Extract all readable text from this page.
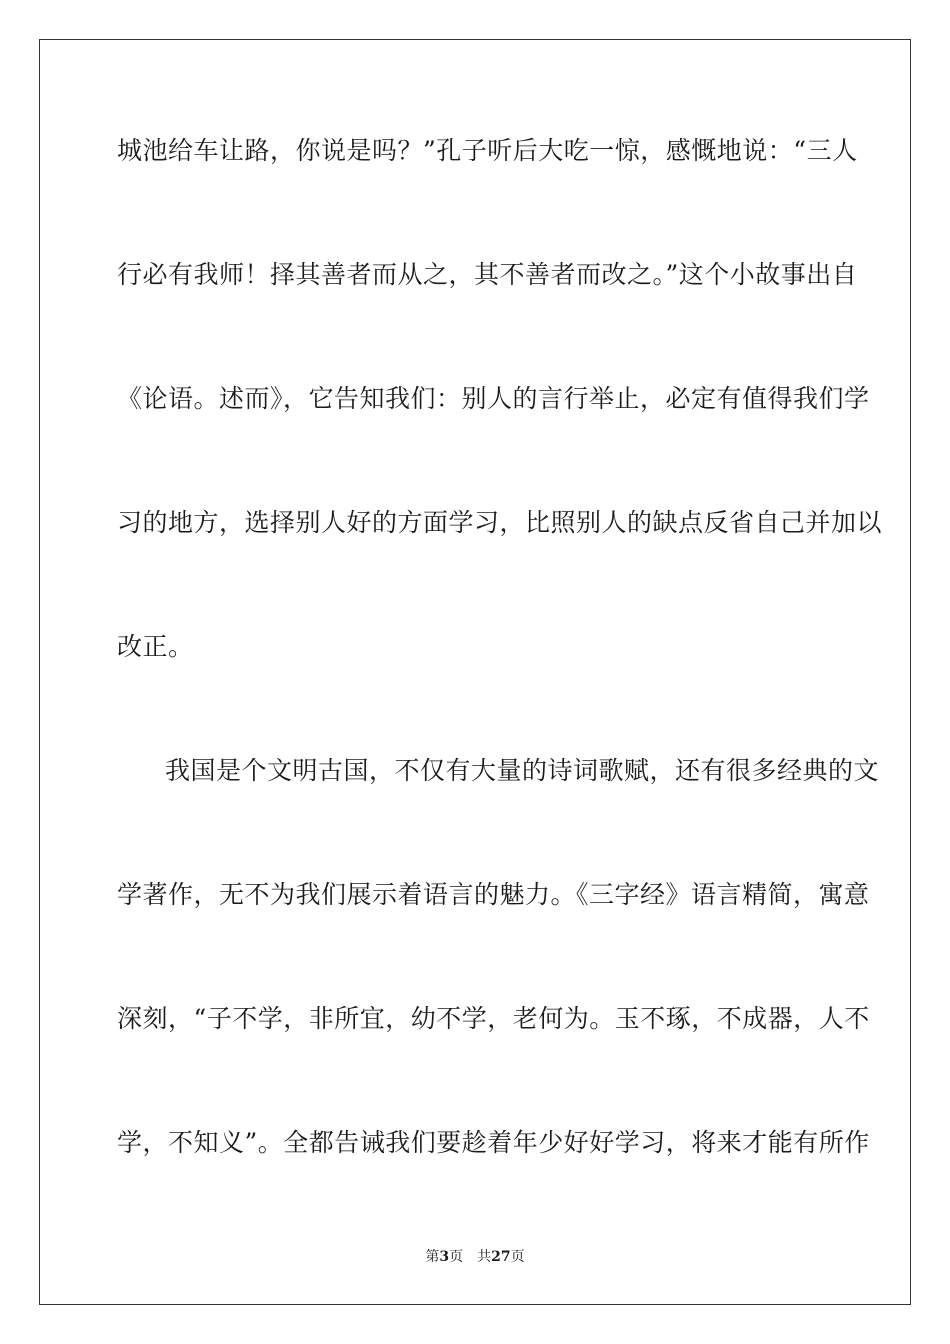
城池给车让路，你说是吗？”孔子听后大吃一惊，感慨地说：“三人
行必有我师！择其善者而从之，其不善者而改之。”这个小故事出自
《论语。述而》，它告知我们：别人的言行举止，必定有值得我们学
习的地方，选择别人好的方面学习，比照别人的缺点反省自己并加以
改正。
我国是个文明古国，不仅有大量的诗词歌赋，还有很多经典的文
学著作，无不为我们展示着语言的魅力。《三字经》语言精简，寓意
深刻，“子不学，非所宜，幼不学，老何为。玉不琢，不成器，人不
学，不知义”。全都告诫我们要趁着年少好好学习，将来才能有所作
第3页 共27页
